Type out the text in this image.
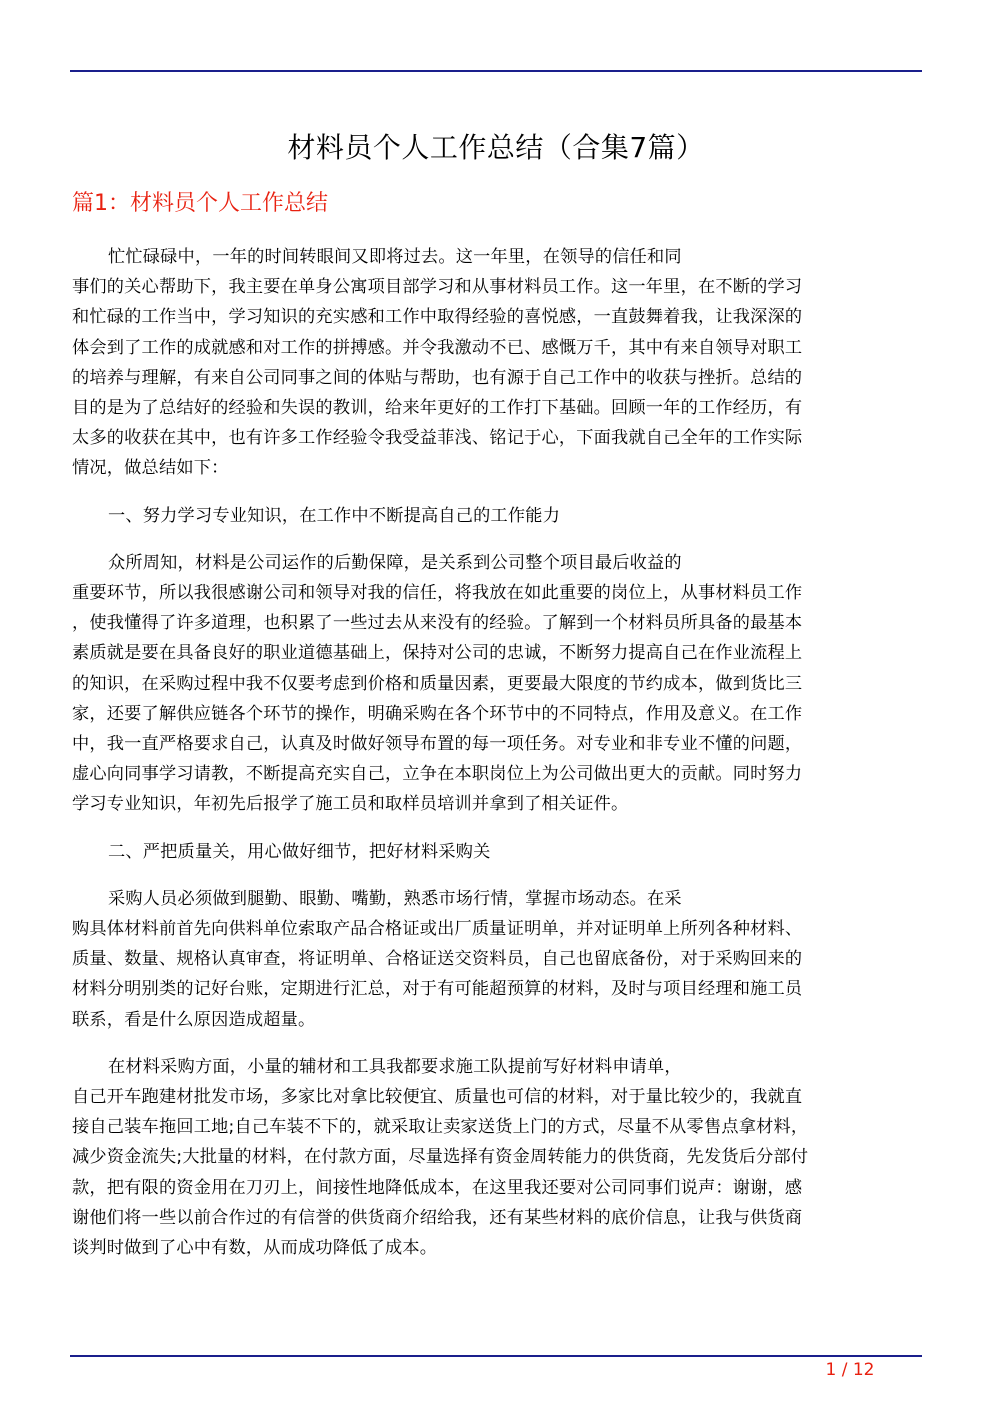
材料员个人工作总结（合集7篇）
篇1：材料员个人工作总结
忙忙碌碌中，一年的时间转眼间又即将过去。这一年里，在领导的信任和同
事们的关心帮助下，我主要在单身公寓项目部学习和从事材料员工作。这一年里，在不断的学习
和忙碌的工作当中，学习知识的充实感和工作中取得经验的喜悦感，一直鼓舞着我，让我深深的
体会到了工作的成就感和对工作的拼搏感。并令我激动不已、感慨万千，其中有来自领导对职工
的培养与理解，有来自公司同事之间的体贴与帮助，也有源于自己工作中的收获与挫折。总结的
目的是为了总结好的经验和失误的教训，给来年更好的工作打下基础。回顾一年的工作经历，有
太多的收获在其中，也有许多工作经验令我受益菲浅、铭记于心，下面我就自己全年的工作实际
情况，做总结如下：
一、努力学习专业知识，在工作中不断提高自己的工作能力
众所周知，材料是公司运作的后勤保障，是关系到公司整个项目最后收益的
重要环节，所以我很感谢公司和领导对我的信任，将我放在如此重要的岗位上，从事材料员工作
，使我懂得了许多道理，也积累了一些过去从来没有的经验。了解到一个材料员所具备的最基本
素质就是要在具备良好的职业道德基础上，保持对公司的忠诚，不断努力提高自己在作业流程上
的知识，在采购过程中我不仅要考虑到价格和质量因素，更要最大限度的节约成本，做到货比三
家，还要了解供应链各个环节的操作，明确采购在各个环节中的不同特点，作用及意义。在工作
中，我一直严格要求自己，认真及时做好领导布置的每一项任务。对专业和非专业不懂的问题，
虚心向同事学习请教，不断提高充实自己，立争在本职岗位上为公司做出更大的贡献。同时努力
学习专业知识，年初先后报学了施工员和取样员培训并拿到了相关证件。
二、严把质量关，用心做好细节，把好材料采购关
采购人员必须做到腿勤、眼勤、嘴勤，熟悉市场行情，掌握市场动态。在采
购具体材料前首先向供料单位索取产品合格证或出厂质量证明单，并对证明单上所列各种材料、
质量、数量、规格认真审查，将证明单、合格证送交资料员，自己也留底备份，对于采购回来的
材料分明别类的记好台账，定期进行汇总，对于有可能超预算的材料，及时与项目经理和施工员
联系，看是什么原因造成超量。
在材料采购方面，小量的辅材和工具我都要求施工队提前写好材料申请单，
自己开车跑建材批发市场，多家比对拿比较便宜、质量也可信的材料，对于量比较少的，我就直
接自己装车拖回工地;自己车装不下的，就采取让卖家送货上门的方式，尽量不从零售点拿材料，
减少资金流失;大批量的材料，在付款方面，尽量选择有资金周转能力的供货商，先发货后分部付
款，把有限的资金用在刀刃上，间接性地降低成本，在这里我还要对公司同事们说声：谢谢，感
谢他们将一些以前合作过的有信誉的供货商介绍给我，还有某些材料的底价信息，让我与供货商
谈判时做到了心中有数，从而成功降低了成本。
1 / 12
